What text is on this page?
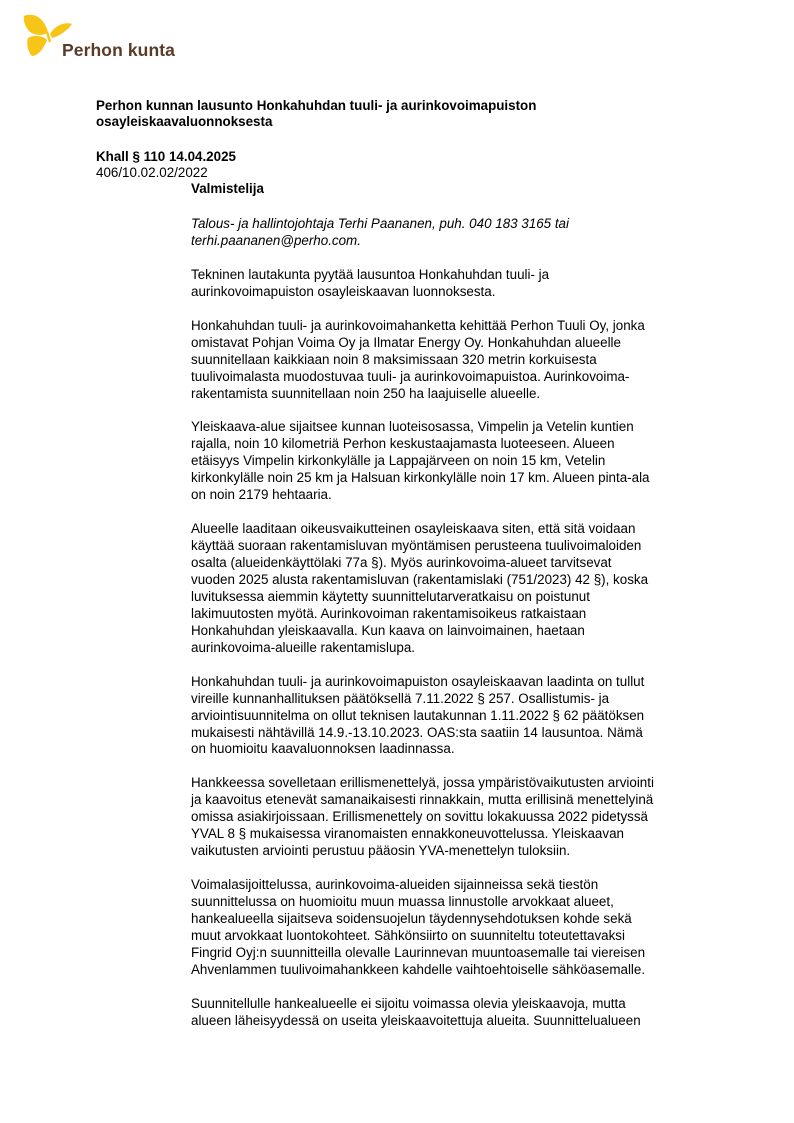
Perhon kunta
Perhon kunnan lausunto Honkahuhdan tuuli- ja aurinkovoimapuiston
osayleiskaavaluonnoksesta
Khall § 110 14.04.2025
406/10.02.02/2022
Valmistelija
Talous- ja hallintojohtaja Terhi Paananen, puh. 040 183 3165 tai
terhi.paananen@perho.com.
Tekninen lautakunta pyytää lausuntoa Honkahuhdan tuuli- ja
aurinkovoimapuiston osayleiskaavan luonnoksesta.
Honkahuhdan tuuli- ja aurinkovoimahanketta kehittää Perhon Tuuli Oy, jonka
omistavat Pohjan Voima Oy ja Ilmatar Energy Oy. Honkahuhdan alueelle
suunnitellaan kaikkiaan noin 8 maksimissaan 320 metrin korkuisesta
tuulivoimalasta muodostuvaa tuuli- ja aurinkovoimapuistoa. Aurinkovoima-
rakentamista suunnitellaan noin 250 ha laajuiselle alueelle.
Yleiskaava-alue sijaitsee kunnan luoteisosassa, Vimpelin ja Vetelin kuntien
rajalla, noin 10 kilometriä Perhon keskustaajamasta luoteeseen. Alueen
etäisyys Vimpelin kirkonkylälle ja Lappajärveen on noin 15 km, Vetelin
kirkonkylälle noin 25 km ja Halsuan kirkonkylälle noin 17 km. Alueen pinta-ala
on noin 2179 hehtaaria.
Alueelle laaditaan oikeusvaikutteinen osayleiskaava siten, että sitä voidaan
käyttää suoraan rakentamisluvan myöntämisen perusteena tuulivoimaloiden
osalta (alueidenkäyttölaki 77a §). Myös aurinkovoima-alueet tarvitsevat
vuoden 2025 alusta rakentamisluvan (rakentamislaki (751/2023) 42 §), koska
luvituksessa aiemmin käytetty suunnittelutarveratkaisu on poistunut
lakimuutosten myötä. Aurinkovoiman rakentamisoikeus ratkaistaan
Honkahuhdan yleiskaavalla. Kun kaava on lainvoimainen, haetaan
aurinkovoima-alueille rakentamislupa.
Honkahuhdan tuuli- ja aurinkovoimapuiston osayleiskaavan laadinta on tullut
vireille kunnanhallituksen päätöksellä 7.11.2022 § 257. Osallistumis- ja
arviointisuunnitelma on ollut teknisen lautakunnan 1.11.2022 § 62 päätöksen
mukaisesti nähtävillä 14.9.-13.10.2023. OAS:sta saatiin 14 lausuntoa. Nämä
on huomioitu kaavaluonnoksen laadinnassa.
Hankkeessa sovelletaan erillismenettelyä, jossa ympäristövaikutusten arviointi
ja kaavoitus etenevät samanaikaisesti rinnakkain, mutta erillisinä menettelyinä
omissa asiakirjoissaan. Erillismenettely on sovittu lokakuussa 2022 pidetyssä
YVAL 8 § mukaisessa viranomaisten ennakkoneuvottelussa. Yleiskaavan
vaikutusten arviointi perustuu pääosin YVA-menettelyn tuloksiin.
Voimalasijoittelussa, aurinkovoima-alueiden sijainneissa sekä tiestön
suunnittelussa on huomioitu muun muassa linnustolle arvokkaat alueet,
hankealueella sijaitseva soidensuojelun täydennysehdotuksen kohde sekä
muut arvokkaat luontokohteet. Sähkönsiirto on suunniteltu toteutettavaksi
Fingrid Oyj:n suunnitteilla olevalle Laurinnevan muuntoasemalle tai viereisen
Ahvenlammen tuulivoimahankkeen kahdelle vaihtoehtoiselle sähköasemalle.
Suunnitellulle hankealueelle ei sijoitu voimassa olevia yleiskaavoja, mutta
alueen läheisyydessä on useita yleiskaavoitettuja alueita. Suunnittelualueen
